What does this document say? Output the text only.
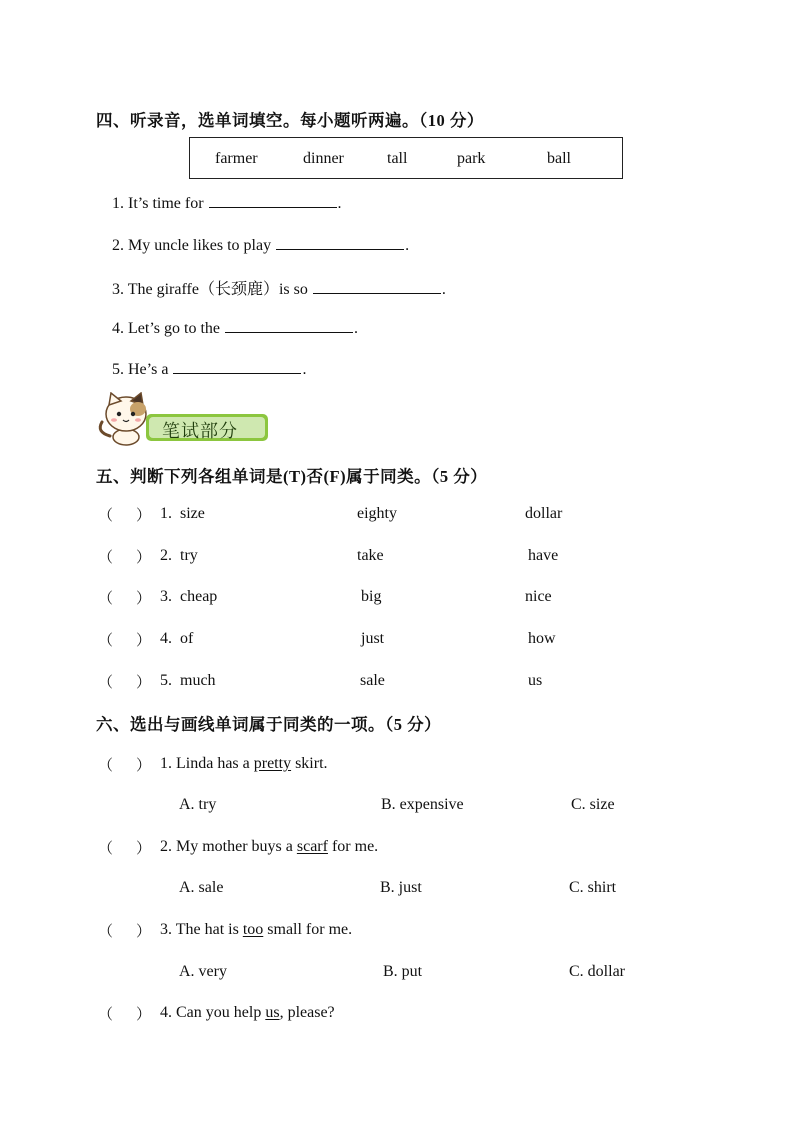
四、听录音，选单词填空。每小题听两遍。（10 分）
farmer	dinner	tall	park	ball
1. It’s time for	.
2. My uncle likes to play	.
3. The giraffe（长颈鹿）is so	.
4. Let’s go to the	.
5. He’s a	.
笔试部分
五、判断下列各组单词是(T)否(F)属于同类。（5 分）
（ ） 1. size	eighty	dollar
（ ） 2. try	take	have
（ ） 3. cheap	big	nice
（ ） 4. of	just	how
（ ） 5. much	sale	us
六、选出与画线单词属于同类的一项。（5 分）
（ ） 1. Linda has a pretty skirt.
A. try	B. expensive	C. size
（ ） 2. My mother buys a scarf for me.
A. sale	B. just	C. shirt
（ ） 3. The hat is too small for me.
A. very	B. put	C. dollar
（ ） 4. Can you help us, please?
